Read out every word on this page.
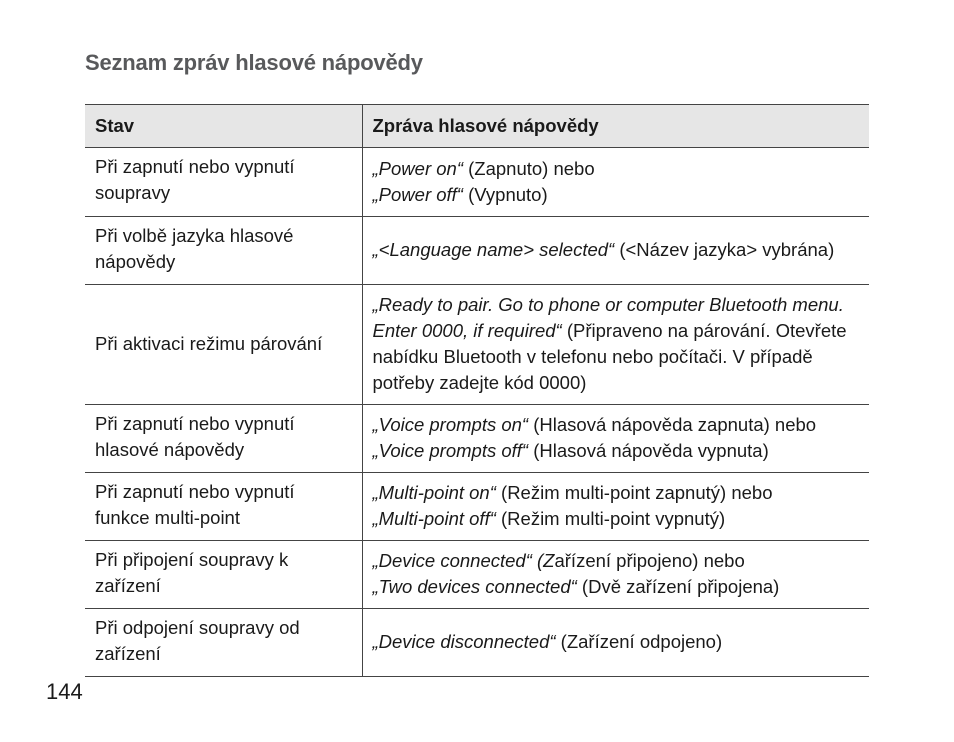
Seznam zpráv hlasové nápovědy
Stav	Zpráva hlasové nápovědy
Při zapnutí nebo vypnutí soupravy	„Power on“ (Zapnuto) nebo
„Power off“ (Vypnuto)

Při volbě jazyka hlasové nápovědy	„<Language name> selected“ (<Název jazyka> vybrána)

Při aktivaci režimu párování	„Ready to pair. Go to phone or computer Bluetooth menu. Enter 0000, if required“ (Připraveno na párování. Otevřete nabídku Bluetooth v telefonu nebo počítači. V případě potřeby zadejte kód 0000)

Při zapnutí nebo vypnutí hlasové nápovědy	„Voice prompts on“ (Hlasová nápověda zapnuta) nebo
„Voice prompts off“ (Hlasová nápověda vypnuta)

Při zapnutí nebo vypnutí funkce multi-point	„Multi-point on“ (Režim multi-point zapnutý) nebo
„Multi-point off“ (Režim multi-point vypnutý)

Při připojení soupravy k zařízení	„Device connected“ (Zařízení připojeno) nebo
„Two devices connected“ (Dvě zařízení připojena)

Při odpojení soupravy od zařízení	„Device disconnected“ (Zařízení odpojeno)
144
